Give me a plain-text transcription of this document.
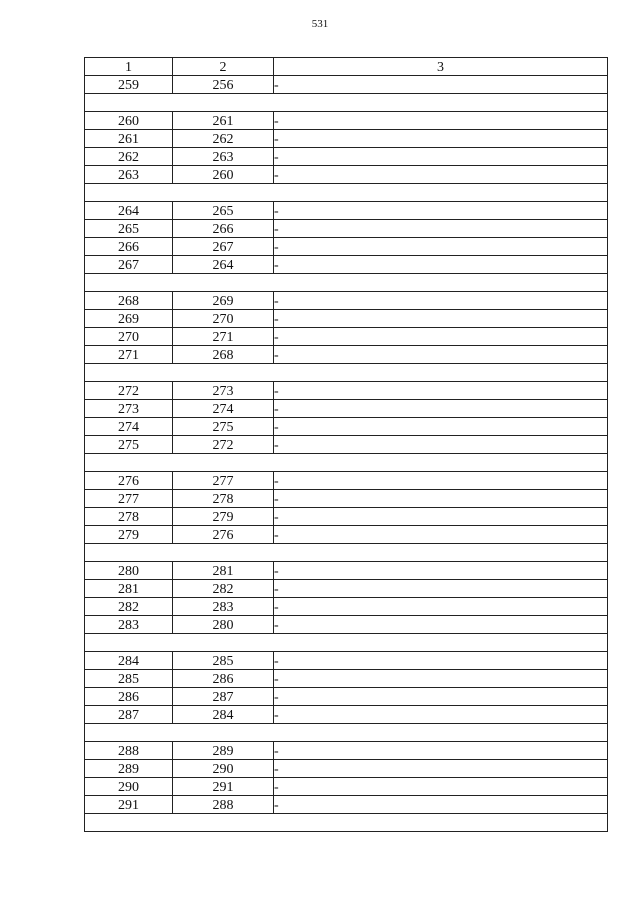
531
1	2	3
259	256	-

260	261	-
261	262	-
262	263	-
263	260	-

264	265	-
265	266	-
266	267	-
267	264	-

268	269	-
269	270	-
270	271	-
271	268	-

272	273	-
273	274	-
274	275	-
275	272	-

276	277	-
277	278	-
278	279	-
279	276	-

280	281	-
281	282	-
282	283	-
283	280	-

284	285	-
285	286	-
286	287	-
287	284	-

288	289	-
289	290	-
290	291	-
291	288	-
